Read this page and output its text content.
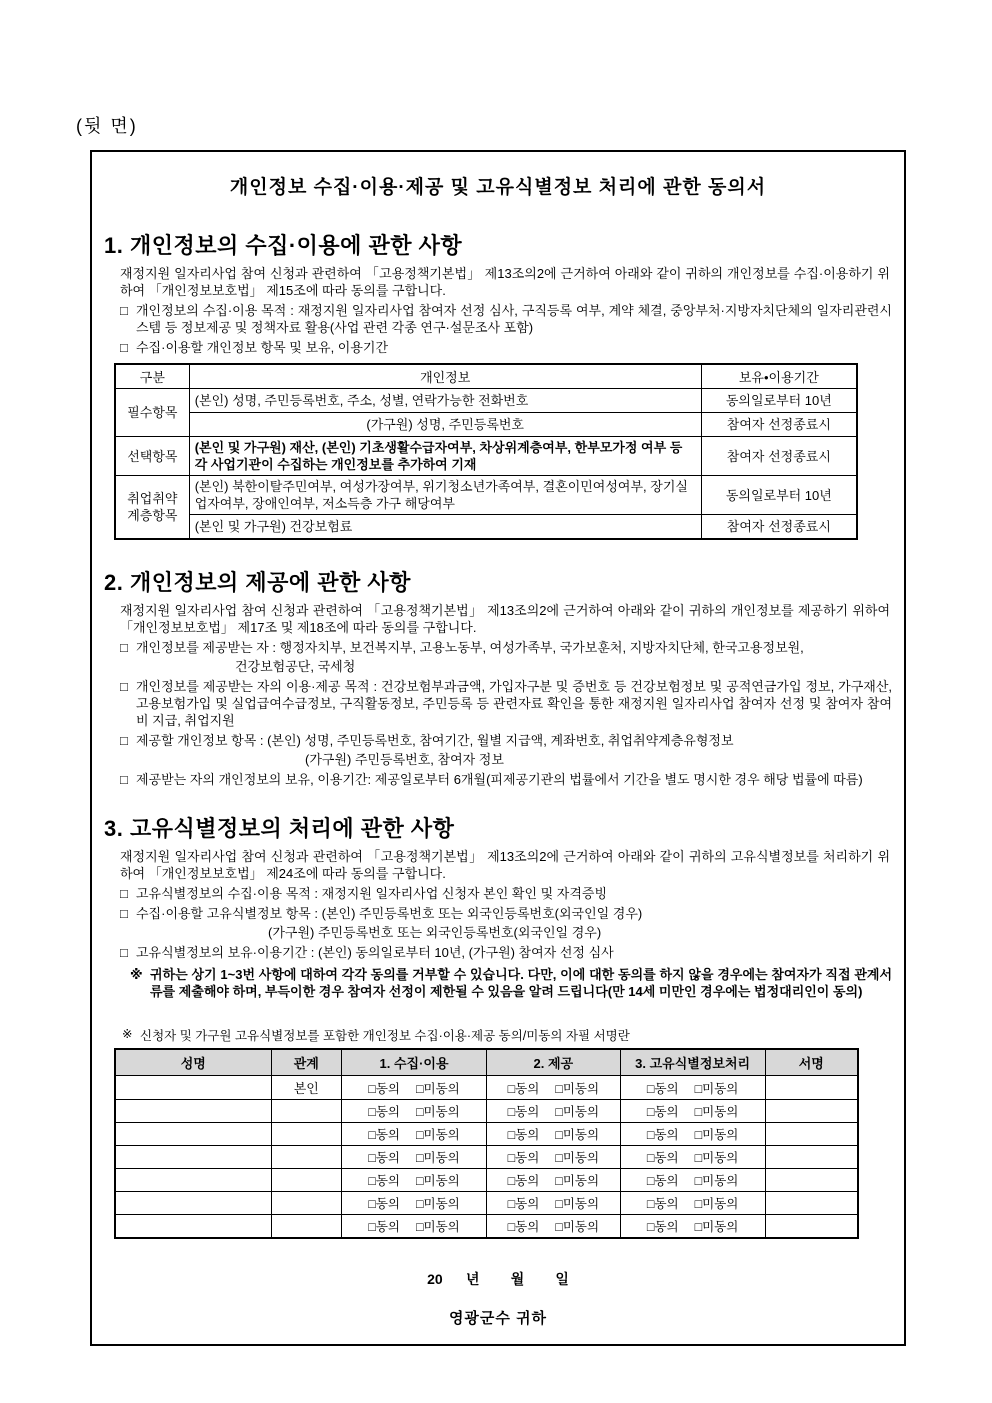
(뒷 면)
개인정보 수집·이용·제공 및 고유식별정보 처리에 관한 동의서
1. 개인정보의 수집·이용에 관한 사항

재정지원 일자리사업 참여 신청과 관련하여 「고용정책기본법」 제13조의2에 근거하여 아래와 같이 귀하의 개인정보를 수집·이용하기 위하여 「개인정보보호법」 제15조에 따라 동의를 구합니다.

□ 개인정보의 수집·이용 목적 : 재정지원 일자리사업 참여자 선정 심사, 구직등록 여부, 계약 체결, 중앙부처·지방자치단체의 일자리관련시스템 등 정보제공 및 정책자료 활용(사업 관련 각종 연구·설문조사 포함)
□ 수집·이용할 개인정보 항목 및 보유, 이용기간
구분	개인정보	보유•이용기간
필수항목	(본인) 성명, 주민등록번호, 주소, 성별, 연락가능한 전화번호	동의일로부터 10년
	(가구원) 성명, 주민등록번호	참여자 선정종료시
선택항목	(본인 및 가구원) 재산, (본인) 기초생활수급자여부, 차상위계층여부, 한부모가정 여부 등 각 사업기관이 수집하는 개인정보를 추가하여 기재	참여자 선정종료시
취업취약 계층항목	(본인) 북한이탈주민여부, 여성가장여부, 위기청소년가족여부, 결혼이민여성여부, 장기실업자여부, 장애인여부, 저소득층 가구 해당여부	동의일로부터 10년
	(본인 및 가구원) 건강보험료	참여자 선정종료시
2. 개인정보의 제공에 관한 사항

재정지원 일자리사업 참여 신청과 관련하여 「고용정책기본법」 제13조의2에 근거하여 아래와 같이 귀하의 개인정보를 제공하기 위하여 「개인정보보호법」 제17조 및 제18조에 따라 동의를 구합니다.

□ 개인정보를 제공받는 자 : 행정자치부, 보건복지부, 고용노동부, 여성가족부, 국가보훈처, 지방자치단체, 한국고용정보원,
건강보험공단, 국세청
□ 개인정보를 제공받는 자의 이용·제공 목적 : 건강보험부과금액, 가입자구분 및 증번호 등 건강보험정보 및 공적연금가입 정보, 가구재산, 고용보험가입 및 실업급여수급정보, 구직활동정보, 주민등록 등 관련자료 확인을 통한 재정지원 일자리사업 참여자 선정 및 참여자 참여비 지급, 취업지원
□ 제공할 개인정보 항목 : (본인) 성명, 주민등록번호, 참여기간, 월별 지급액, 계좌번호, 취업취약계층유형정보
(가구원) 주민등록번호, 참여자 정보
□ 제공받는 자의 개인정보의 보유, 이용기간: 제공일로부터 6개월(피제공기관의 법률에서 기간을 별도 명시한 경우 해당 법률에 따름)
3. 고유식별정보의 처리에 관한 사항

재정지원 일자리사업 참여 신청과 관련하여 「고용정책기본법」 제13조의2에 근거하여 아래와 같이 귀하의 고유식별정보를 처리하기 위하여 「개인정보보호법」 제24조에 따라 동의를 구합니다.

□ 고유식별정보의 수집·이용 목적 : 재정지원 일자리사업 신청자 본인 확인 및 자격증빙
□ 수집·이용할 고유식별정보 항목 : (본인) 주민등록번호 또는 외국인등록번호(외국인일 경우)
(가구원) 주민등록번호 또는 외국인등록번호(외국인일 경우)
□ 고유식별정보의 보유·이용기간 : (본인) 동의일로부터 10년, (가구원) 참여자 선정 심사
※ 귀하는 상기 1~3번 사항에 대하여 각각 동의를 거부할 수 있습니다. 다만, 이에 대한 동의를 하지 않을 경우에는 참여자가 직접 관계서류를 제출해야 하며, 부득이한 경우 참여자 선정이 제한될 수 있음을 알려 드립니다(만 14세 미만인 경우에는 법정대리인이 동의)
※ 신청자 및 가구원 고유식별정보를 포함한 개인정보 수집·이용·제공 동의/미동의 자필 서명란
성명	관계	1. 수집·이용	2. 제공	3. 고유식별정보처리	서명
	본인	□동의 □미동의	□동의 □미동의	□동의 □미동의	

		□동의 □미동의	□동의 □미동의	□동의 □미동의	

		□동의 □미동의	□동의 □미동의	□동의 □미동의	

		□동의 □미동의	□동의 □미동의	□동의 □미동의	

		□동의 □미동의	□동의 □미동의	□동의 □미동의	

		□동의 □미동의	□동의 □미동의	□동의 □미동의	

		□동의 □미동의	□동의 □미동의	□동의 □미동의	

20      년        월        일
영광군수 귀하
